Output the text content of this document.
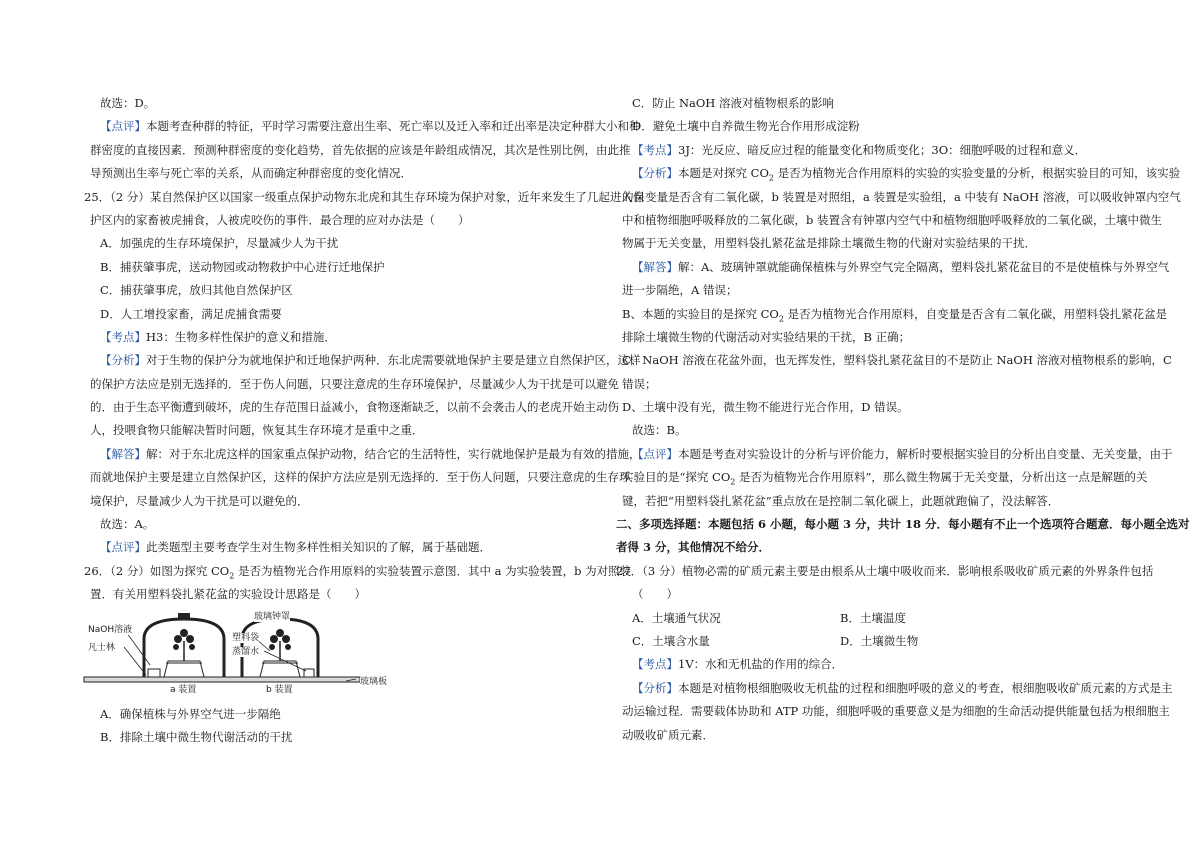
故选：D。
【点评】本题考查种群的特征，平时学习需要注意出生率、死亡率以及迁入率和迁出率是决定种群大小和种
群密度的直接因素．预测种群密度的变化趋势，首先依据的应该是年龄组成情况，其次是性别比例，由此推
导预测出生率与死亡率的关系，从而确定种群密度的变化情况．
25．（2 分）某自然保护区以国家一级重点保护动物东北虎和其生存环境为保护对象，近年来发生了几起进入保
护区内的家畜被虎捕食，人被虎咬伤的事件．最合理的应对办法是（　　）
A．加强虎的生存环境保护，尽量减少人为干扰
B．捕获肇事虎，送动物园或动物救护中心进行迁地保护
C．捕获肇事虎，放归其他自然保护区
D．人工增投家畜，满足虎捕食需要
【考点】H3：生物多样性保护的意义和措施．
【分析】对于生物的保护分为就地保护和迁地保护两种．东北虎需要就地保护主要是建立自然保护区，这样
的保护方法应是别无选择的．至于伤人问题，只要注意虎的生存环境保护，尽量减少人为干扰是可以避免
的．由于生态平衡遭到破坏，虎的生存范围日益减小，食物逐渐缺乏，以前不会袭击人的老虎开始主动伤
人，投喂食物只能解决暂时问题，恢复其生存环境才是重中之重．
【解答】解：对于东北虎这样的国家重点保护动物，结合它的生活特性，实行就地保护是最为有效的措施，
而就地保护主要是建立自然保护区，这样的保护方法应是别无选择的．至于伤人问题，只要注意虎的生存环
境保护，尽量减少人为干扰是可以避免的．
故选：A。
【点评】此类题型主要考查学生对生物多样性相关知识的了解，属于基础题．
26．（2 分）如图为探究 $CO_2$ 是否为植物光合作用原料的实验装置示意图．其中 a 为实验装置，b 为对照装
置．有关用塑料袋扎紧花盆的实验设计思路是（　　）
NaOH溶液
凡士林
玻璃钟罩
塑料袋
蒸馏水
玻璃板
a 装置	b 装置
A．确保植株与外界空气进一步隔绝
B．排除土壤中微生物代谢活动的干扰
C．防止 NaOH 溶液对植物根系的影响
D．避免土壤中自养微生物光合作用形成淀粉
【考点】3J：光反应、暗反应过程的能量变化和物质变化；3O：细胞呼吸的过程和意义．
【分析】本题是对探究 $CO_2$ 是否为植物光合作用原料的实验的实验变量的分析，根据实验目的可知，该实验
的自变量是否含有二氧化碳，b 装置是对照组，a 装置是实验组，a 中装有 NaOH 溶液，可以吸收钟罩内空气
中和植物细胞呼吸释放的二氧化碳，b 装置含有钟罩内空气中和植物细胞呼吸释放的二氧化碳，土壤中微生
物属于无关变量，用塑料袋扎紧花盆是排除土壤微生物的代谢对实验结果的干扰．
【解答】解：A、玻璃钟罩就能确保植株与外界空气完全隔离，塑料袋扎紧花盆目的不是使植株与外界空气
进一步隔绝，A 错误；
B、本题的实验目的是探究 $CO_2$ 是否为植物光合作用原料，自变量是否含有二氧化碳，用塑料袋扎紧花盆是
排除土壤微生物的代谢活动对实验结果的干扰，B 正确；
C、NaOH 溶液在花盆外面，也无挥发性，塑料袋扎紧花盆目的不是防止 NaOH 溶液对植物根系的影响，C
错误；
D、土壤中没有光，微生物不能进行光合作用，D 错误。
故选：B。
【点评】本题是考查对实验设计的分析与评价能力，解析时要根据实验目的分析出自变量、无关变量，由于
实验目的是“探究 $CO_2$ 是否为植物光合作用原料”，那么微生物属于无关变量，分析出这一点是解题的关
键，若把“用塑料袋扎紧花盆”重点放在是控制二氧化碳上，此题就跑偏了，没法解答．
二、多项选择题：本题包括 6 小题，每小题 3 分，共计 18 分．每小题有不止一个选项符合题意．每小题全选对
者得 3 分，其他情况不给分．
27．（3 分）植物必需的矿质元素主要是由根系从土壤中吸收而来．影响根系吸收矿质元素的外界条件包括
（　　）
A．土壤通气状况	B．土壤温度
C．土壤含水量	D．土壤微生物
【考点】1V：水和无机盐的作用的综合．
【分析】本题是对植物根细胞吸收无机盐的过程和细胞呼吸的意义的考查，根细胞吸收矿质元素的方式是主
动运输过程．需要载体协助和 ATP 功能，细胞呼吸的重要意义是为细胞的生命活动提供能量包括为根细胞主
动吸收矿质元素．
